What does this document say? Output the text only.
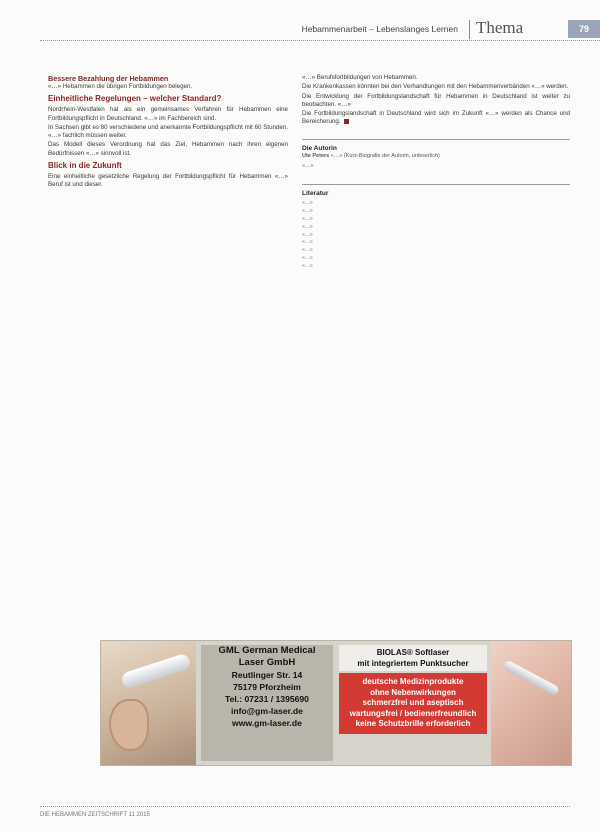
Hebammenarbeit – Lebenslanges Lernen Thema	79
Bessere Bezahlung der Hebammen

«…» Hebammen die übrigen Fortbildungen belegen.

Einheitliche Regelungen – welcher Standard?

Nordrhein-Westfalen hat als ein gemeinsames Verfahren für Hebammen eine Fortbildungspflicht in Deutschland. «…» im Fachbereich sind.

In Sachsen gibt es 80 verschiedene und anerkannte Fortbildungspflicht mit 60 Stunden. «…» fachlich müssen weiter.

Das Modell dieses Verordnung hat das Ziel, Hebammen nach ihren eigenen Bedürfnissen «…» sinnvoll ist.

Blick in die Zukunft

Eine einheitliche gesetzliche Regelung der Fortbildungspflicht für Hebammen «…» Beruf ist und dieser.

«…» Berufsfortbildungen von Hebammen.

Die Krankenkassen könnten bei den Verhandlungen mit den Hebammenverbänden «…» werden.

Die Entwicklung der Fortbildungslandschaft für Hebammen in Deutschland ist weiter zu beobachten. «…»

Die Fortbildungslandschaft in Deutschland wird sich im Zukunft «…» werden als Chance und Bereicherung.

Die Autorin

Ute Peters «…» (Kurz-Biografie der Autorin, unleserlich)

«…»
Literatur
«…»
«…»
«…»
«…»
«…»
«…»
«…»
«…»
«…»
GML German Medical
Laser GmbH
Reutlinger Str. 14
75179 Pforzheim
Tel.: 07231 / 1395690
info@gm-laser.de
www.gm-laser.de
BIOLAS® Softlaser
mit integriertem Punktsucher
deutsche Medizinprodukte
ohne Nebenwirkungen
schmerzfrei und aseptisch
wartungsfrei / bedienerfreundlich
keine Schutzbrille erforderlich
DIE HEBAMMEN ZEITSCHRIFT 11 2015
